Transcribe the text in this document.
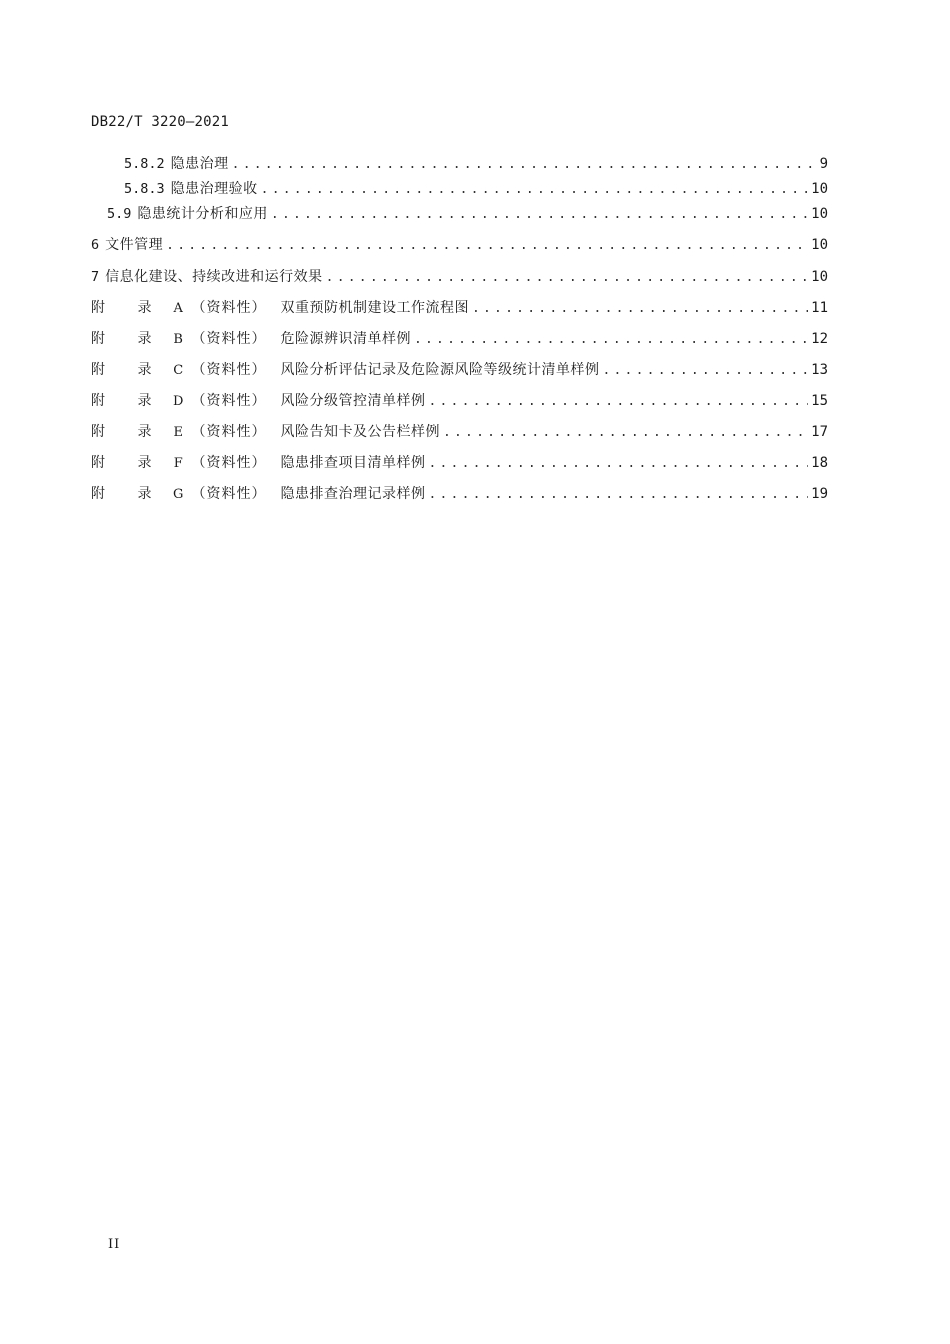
DB22/T 3220—2021
5.8.2 隐患治理 . . .	9
5.8.3 隐患治理验收 . . .	10
5.9 隐患统计分析和应用 . . .	10
6 文件管理 . . .	10
7 信息化建设、持续改进和运行效果 . . .	10
附 录 A （资料性） 双重预防机制建设工作流程图 . . .	11
附 录 B （资料性） 危险源辨识清单样例 . . .	12
附 录 C （资料性） 风险分析评估记录及危险源风险等级统计清单样例 . . .	13
附 录 D （资料性） 风险分级管控清单样例 . . .	15
附 录 E （资料性） 风险告知卡及公告栏样例 . . .	17
附 录 F （资料性） 隐患排查项目清单样例 . . .	18
附 录 G （资料性） 隐患排查治理记录样例 . . .	19
II
